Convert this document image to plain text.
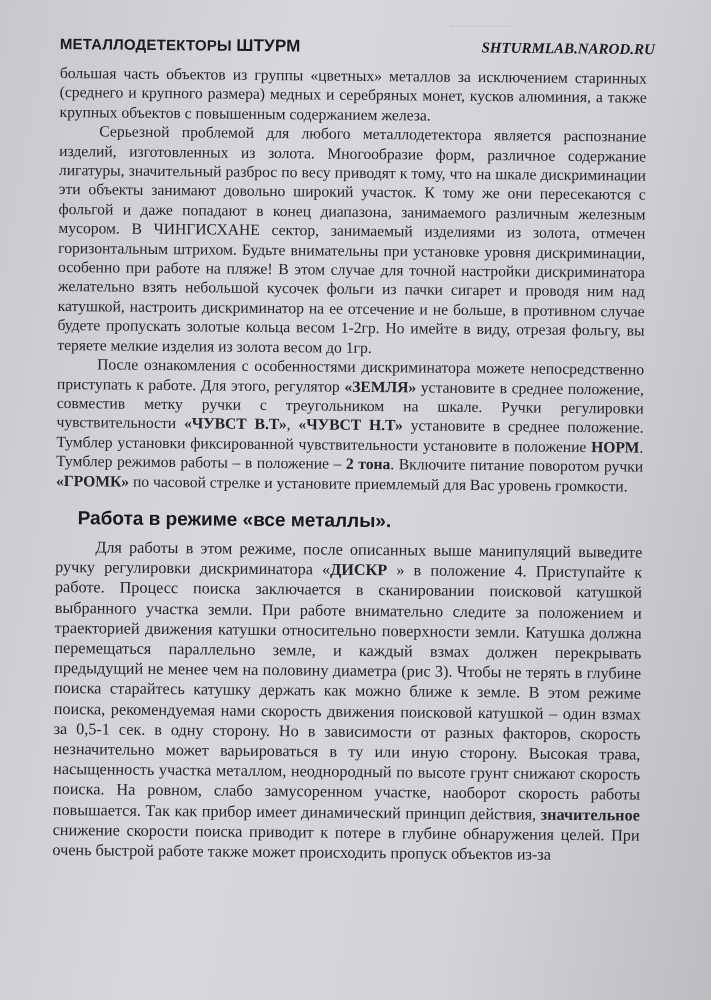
МЕТАЛЛОДЕТЕКТОРЫ ШТУРМ	SHTURMLAB.NAROD.RU

большая часть объектов из группы «цветных» металлов за исключением старинных (среднего и крупного размера) медных и серебряных монет, кусков алюминия, а также крупных объектов с повышенным содержанием железа.

Серьезной проблемой для любого металлодетектора является распознание изделий, изготовленных из золота. Многообразие форм, различное содержание лигатуры, значительный разброс по весу приводят к тому, что на шкале дискриминации эти объекты занимают довольно широкий участок. К тому же они пересекаются с фольгой и даже попадают в конец диапазона, занимаемого различным железным мусором. В ЧИНГИСХАНЕ сектор, занимаемый изделиями из золота, отмечен горизонтальным штрихом. Будьте внимательны при установке уровня дискриминации, особенно при работе на пляже! В этом случае для точной настройки дискриминатора желательно взять небольшой кусочек фольги из пачки сигарет и проводя ним над катушкой, настроить дискриминатор на ее отсечение и не больше, в противном случае будете пропускать золотые кольца весом 1-2гр. Но имейте в виду, отрезая фольгу, вы теряете мелкие изделия из золота весом до 1гр.

После ознакомления с особенностями дискриминатора можете непосредственно приступать к работе. Для этого, регулятор «ЗЕМЛЯ» установите в среднее положение, совместив метку ручки с треугольником на шкале. Ручки регулировки чувствительности «ЧУВСТ В.Т», «ЧУВСТ Н.Т» установите в среднее положение. Тумблер установки фиксированной чувствительности установите в положение НОРМ. Тумблер режимов работы – в положение – 2 тона. Включите питание поворотом ручки «ГРОМК» по часовой стрелке и установите приемлемый для Вас уровень громкости.

Работа в режиме «все металлы».

Для работы в этом режиме, после описанных выше манипуляций выведите ручку регулировки дискриминатора «ДИСКР » в положение 4. Приступайте к работе. Процесс поиска заключается в сканировании поисковой катушкой выбранного участка земли. При работе внимательно следите за положением и траекторией движения катушки относительно поверхности земли. Катушка должна перемещаться параллельно земле, и каждый взмах должен перекрывать предыдущий не менее чем на половину диаметра (рис 3). Чтобы не терять в глубине поиска старайтесь катушку держать как можно ближе к земле. В этом режиме поиска, рекомендуемая нами скорость движения поисковой катушкой – один взмах за 0,5-1 сек. в одну сторону. Но в зависимости от разных факторов, скорость незначительно может варьироваться в ту или иную сторону. Высокая трава, насыщенность участка металлом, неоднородный по высоте грунт снижают скорость поиска. На ровном, слабо замусоренном участке, наоборот скорость работы повышается. Так как прибор имеет динамический принцип действия, значительное снижение скорости поиска приводит к потере в глубине обнаружения целей. При очень быстрой работе также может происходить пропуск объектов из-за
